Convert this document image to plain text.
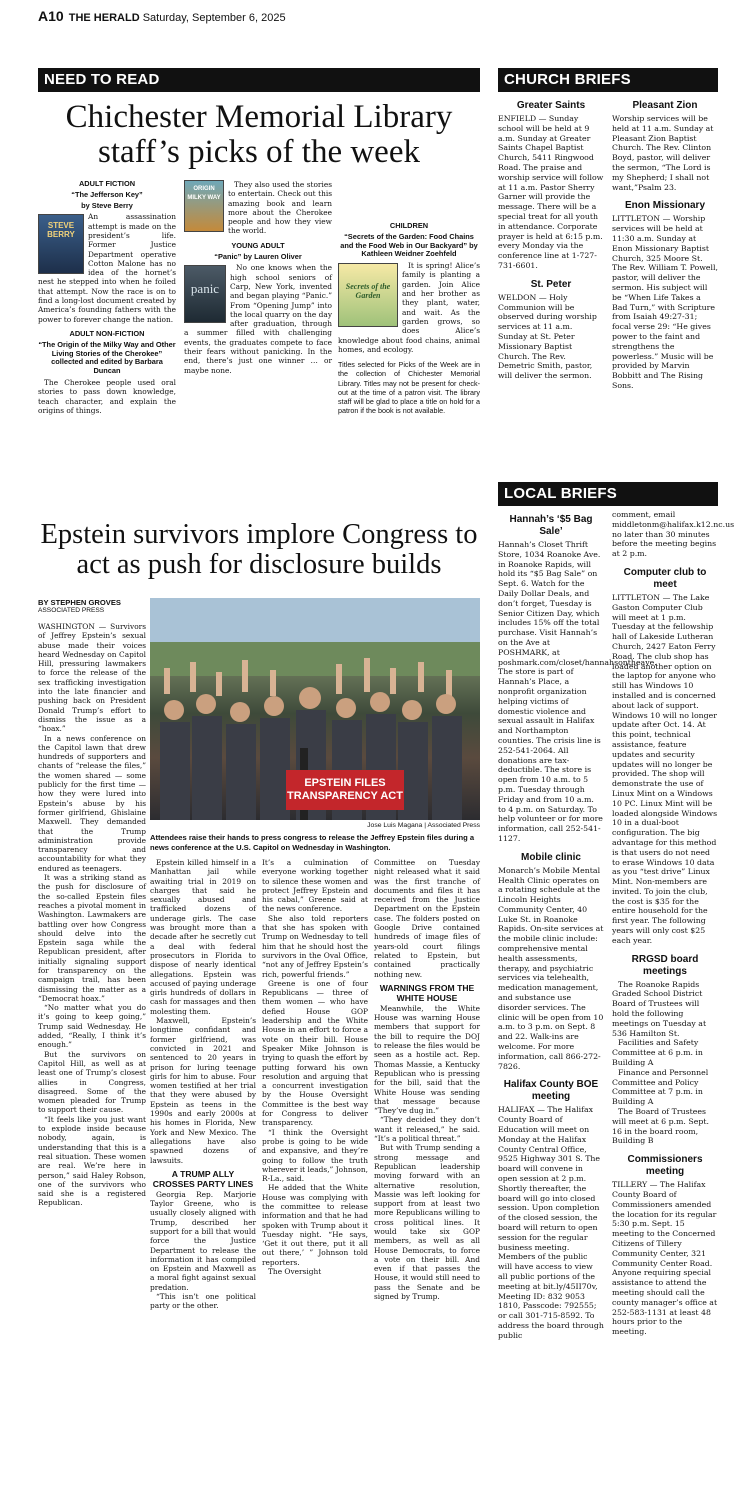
A10 THE HERALD Saturday, September 6, 2025
NEED TO READ
Chichester Memorial Library staff’s picks of the week
ADULT FICTION
“The Jefferson Key”
by Steve Berry
STEVE BERRY

An assassination attempt is made on the president’s life. Former Justice Department operative Cotton Malone has no idea of the hornet’s nest he stepped into when he foiled that attempt. Now the race is on to find a long-lost document created by America’s founding fathers with the power to forever change the nation.

ADULT NON-FICTION
“The Origin of the Milky Way and Other Living Stories of the Cherokee” collected and edited by Barbara Duncan

The Cherokee people used oral stories to pass down knowledge, teach character, and explain the origins of things.

ORIGIN MILKY WAY

They also used the stories to entertain. Check out this amazing book and learn more about the Cherokee people and how they view the world.

YOUNG ADULT
“Panic” by Lauren Oliver
panic

No one knows when the high school seniors of Carp, New York, invented and began playing “Panic.” From “Opening Jump” into the local quarry on the day after graduation, through a summer filled with challenging events, the graduates compete to face their fears without panicking. In the end, there’s just one winner … or maybe none.

CHILDREN
“Secrets of the Garden: Food Chains and the Food Web in Our Backyard” by Kathleen Weidner Zoehfeld
Secrets of the Garden

It is spring! Alice’s family is planting a garden. Join Alice and her brother as they plant, water, and wait. As the garden grows, so does Alice’s knowledge about food chains, animal homes, and ecology.

Titles selected for Picks of the Week are in the collection of Chichester Memorial Library. Titles may not be present for check-out at the time of a patron visit. The library staff will be glad to place a title on hold for a patron if the book is not available.
Epstein survivors implore Congress to act as push for disclosure builds
BY STEPHEN GROVES
ASSOCIATED PRESS

WASHINGTON — Survivors of Jeffrey Epstein’s sexual abuse made their voices heard Wednesday on Capitol Hill, pressuring lawmakers to force the release of the sex trafficking investigation into the late financier and pushing back on President Donald Trump’s effort to dismiss the issue as a “hoax.”

In a news conference on the Capitol lawn that drew hundreds of supporters and chants of “release the files,” the women shared — some publicly for the first time — how they were lured into Epstein’s abuse by his former girlfriend, Ghislaine Maxwell. They demanded that the Trump administration provide transparency and accountability for what they endured as teenagers.

It was a striking stand as the push for disclosure of the so-called Epstein files reaches a pivotal moment in Washington. Lawmakers are battling over how Congress should delve into the Epstein saga while the Republican president, after initially signaling support for transparency on the campaign trail, has been dismissing the matter as a “Democrat hoax.”

“No matter what you do it’s going to keep going,” Trump said Wednesday. He added, “Really, I think it’s enough.”

But the survivors on Capitol Hill, as well as at least one of Trump’s closest allies in Congress, disagreed. Some of the women pleaded for Trump to support their cause.

“It feels like you just want to explode inside because nobody, again, is understanding that this is a real situation. These women are real. We’re here in person,” said Haley Robson, one of the survivors who said she is a registered Republican.

EPSTEIN FILES TRANSPARENCY ACT
Jose Luis Magana | Associated Press
Attendees raise their hands to press congress to release the Jeffrey Epstein files during a news conference at the U.S. Capitol on Wednesday in Washington.

Epstein killed himself in a Manhattan jail while awaiting trial in 2019 on charges that said he sexually abused and trafficked dozens of underage girls. The case was brought more than a decade after he secretly cut a deal with federal prosecutors in Florida to dispose of nearly identical allegations. Epstein was accused of paying underage girls hundreds of dollars in cash for massages and then molesting them.

Maxwell, Epstein’s longtime confidant and former girlfriend, was convicted in 2021 and sentenced to 20 years in prison for luring teenage girls for him to abuse. Four women testified at her trial that they were abused by Epstein as teens in the 1990s and early 2000s at his homes in Florida, New York and New Mexico. The allegations have also spawned dozens of lawsuits.

A TRUMP ALLY CROSSES PARTY LINES

Georgia Rep. Marjorie Taylor Greene, who is usually closely aligned with Trump, described her support for a bill that would force the Justice Department to release the information it has compiled on Epstein and Maxwell as a moral fight against sexual predation.

“This isn’t one political party or the other.

It’s a culmination of everyone working together to silence these women and protect Jeffrey Epstein and his cabal,” Greene said at the news conference.

She also told reporters that she has spoken with Trump on Wednesday to tell him that he should host the survivors in the Oval Office, “not any of Jeffrey Epstein’s rich, powerful friends.”

Greene is one of four Republicans — three of them women — who have defied House GOP leadership and the White House in an effort to force a vote on their bill. House Speaker Mike Johnson is trying to quash the effort by putting forward his own resolution and arguing that a concurrent investigation by the House Oversight Committee is the best way for Congress to deliver transparency.

“I think the Oversight probe is going to be wide and expansive, and they’re going to follow the truth wherever it leads,” Johnson, R-La., said.

He added that the White House was complying with the committee to release information and that he had spoken with Trump about it Tuesday night. “He says, ‘Get it out there, put it all out there,’ ” Johnson told reporters.

The Oversight

Committee on Tuesday night released what it said was the first tranche of documents and files it has received from the Justice Department on the Epstein case. The folders posted on Google Drive contained hundreds of image files of years-old court filings related to Epstein, but contained practically nothing new.

WARNINGS FROM THE WHITE HOUSE

Meanwhile, the White House was warning House members that support for the bill to require the DOJ to release the files would be seen as a hostile act. Rep. Thomas Massie, a Kentucky Republican who is pressing for the bill, said that the White House was sending that message because “They’ve dug in.”

“They decided they don’t want it released,” he said. “It’s a political threat.”

But with Trump sending a strong message and Republican leadership moving forward with an alternative resolution, Massie was left looking for support from at least two more Republicans willing to cross political lines. It would take six GOP members, as well as all House Democrats, to force a vote on their bill. And even if that passes the House, it would still need to pass the Senate and be signed by Trump.

CHURCH BRIEFS
Greater Saints
ENFIELD — Sunday school will be held at 9 a.m. Sunday at Greater Saints Chapel Baptist Church, 5411 Ringwood Road. The praise and worship service will follow at 11 a.m. Pastor Sherry Garner will provide the message. There will be a special treat for all youth in attendance. Corporate prayer is held at 6:15 p.m. every Monday via the conference line at 1-727-731-6601.
St. Peter
WELDON — Holy Communion will be observed during worship services at 11 a.m. Sunday at St. Peter Missionary Baptist Church. The Rev. Demetric Smith, pastor, will deliver the sermon.
Pleasant Zion
Worship services will be held at 11 a.m. Sunday at Pleasant Zion Baptist Church. The Rev. Clinton Boyd, pastor, will deliver the sermon, “The Lord is my Shepherd; I shall not want,”Psalm 23.
Enon Missionary
LITTLETON — Worship services will be held at 11:30 a.m. Sunday at Enon Missionary Baptist Church, 325 Moore St. The Rev. William T. Powell, pastor, will deliver the sermon. His subject will be “When Life Takes a Bad Turn,” with Scripture from Isaiah 49:27-31; focal verse 29: “He gives power to the faint and strengthens the powerless.” Music will be provided by Marvin Bobbitt and The Rising Sons.
LOCAL BRIEFS
Hannah’s ‘$5 Bag Sale’
Hannah’s Closet Thrift Store, 1034 Roanoke Ave. in Roanoke Rapids, will hold its “$5 Bag Sale” on Sept. 6. Watch for the Daily Dollar Deals, and don’t forget, Tuesday is Senior Citizen Day, which includes 15% off the total purchase. Visit Hannah’s on the Ave at POSHMARK, at poshmark.com/closet/hannahsontheave. The store is part of Hannah’s Place, a nonprofit organization helping victims of domestic violence and sexual assault in Halifax and Northampton counties. The crisis line is 252-541-2064. All donations are tax-deductible. The store is open from 10 a.m. to 5 p.m. Tuesday through Friday and from 10 a.m. to 4 p.m. on Saturday. To help volunteer or for more information, call 252-541-1127.
Mobile clinic
Monarch’s Mobile Mental Health Clinic operates on a rotating schedule at the Lincoln Heights Community Center, 40 Luke St. in Roanoke Rapids. On-site services at the mobile clinic include: comprehensive mental health assessments, therapy, and psychiatric services via telehealth, medication management, and substance use disorder services. The clinic will be open from 10 a.m. to 3 p.m. on Sept. 8 and 22. Walk-ins are welcome. For more information, call 866-272-7826.
Halifax County BOE meeting
HALIFAX — The Halifax County Board of Education will meet on Monday at the Halifax County Central Office, 9525 Highway 301 S. The board will convene in open session at 2 p.m. Shortly thereafter, the board will go into closed session. Upon completion of the closed session, the board will return to open session for the regular business meeting. Members of the public will have access to view all public portions of the meeting at bit.ly/45II70v, Meeting ID: 832 9053 1810, Passcode: 792555; or call 301-715-8592. To address the board through public
comment, email middletonm@halifax.k12.nc.us no later than 30 minutes before the meeting begins at 2 p.m.
Computer club to meet
LITTLETON — The Lake Gaston Computer Club will meet at 1 p.m. Tuesday at the fellowship hall of Lakeside Lutheran Church, 2427 Eaton Ferry Road. The club shop has loaded another option on the laptop for anyone who still has Windows 10 installed and is concerned about lack of support. Windows 10 will no longer update after Oct. 14. At this point, technical assistance, feature updates and security updates will no longer be provided. The shop will demonstrate the use of Linux Mint on a Windows 10 PC. Linux Mint will be loaded alongside Windows 10 in a dual-boot configuration. The big advantage for this method is that users do not need to erase Windows 10 data as you “test drive” Linux Mint. Non-members are invited. To join the club, the cost is $35 for the entire household for the first year. The following years will only cost $25 each year.
RRGSD board meetings

The Roanoke Rapids Graded School District Board of Trustees will hold the following meetings on Tuesday at 536 Hamilton St.

Facilities and Safety Committee at 6 p.m. in Building A

Finance and Personnel Committee and Policy Committee at 7 p.m. in Building A

The Board of Trustees will meet at 6 p.m. Sept. 16 in the board room, Building B

Commissioners meeting
TILLERY — The Halifax County Board of Commissioners amended the location for its regular 5:30 p.m. Sept. 15 meeting to the Concerned Citizens of Tillery Community Center, 321 Community Center Road. Anyone requiring special assistance to attend the meeting should call the county manager’s office at 252-583-1131 at least 48 hours prior to the meeting.
